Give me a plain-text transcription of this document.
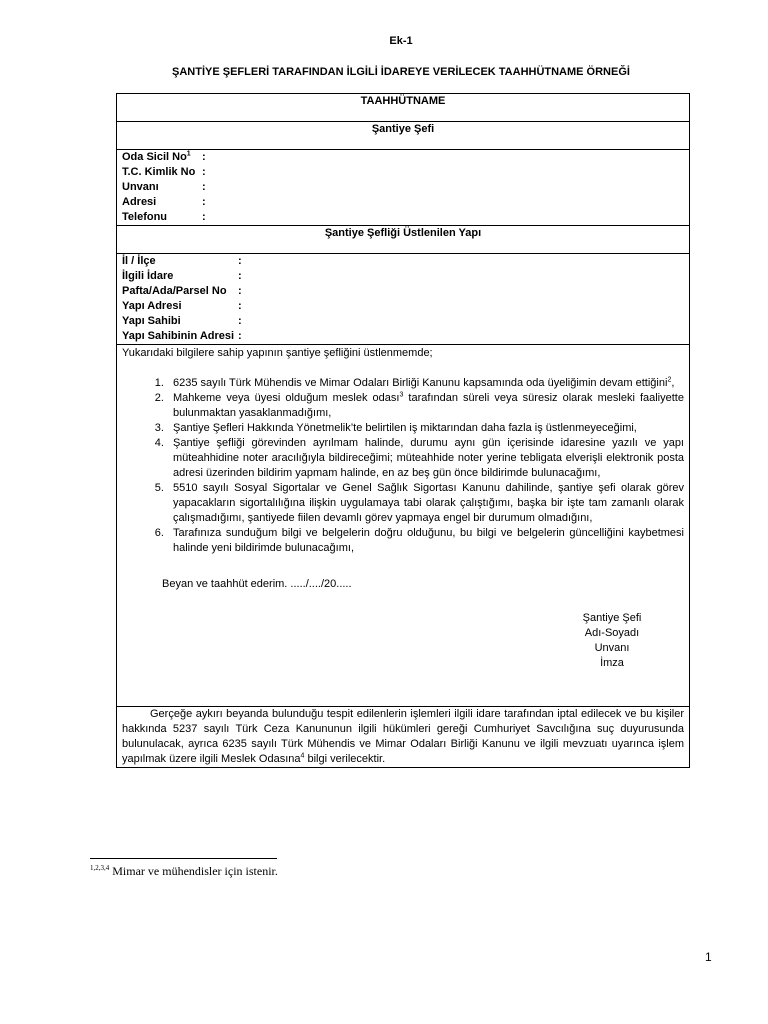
Ek-1
ŞANTİYE ŞEFLERİ TARAFINDAN İLGİLİ İDAREYE VERİLECEK TAAHHÜTNAME ÖRNEĞİ
TAAHHÜTNAME
Şantiye Şefi

Oda Sicil No$^1$	:
T.C. Kimlik No :
Unvanı	:
Adresi	:
Telefonu	:

Şantiye Şefliği Üstlenilen Yapı

İl / İlçe	:
İlgili İdare	:
Pafta/Ada/Parsel No	:
Yapı Adresi	:
Yapı Sahibi	:
Yapı Sahibinin Adresi :

Yukarıdaki bilgilere sahip yapının şantiye şefliğini üstlenmemde;
1. 6235 sayılı Türk Mühendis ve Mimar Odaları Birliği Kanunu kapsamında oda üyeliğimin devam ettiğini$^2$,
2. Mahkeme veya üyesi olduğum meslek odası$^3$ tarafından süreli veya süresiz olarak mesleki faaliyette bulunmaktan yasaklanmadığımı,
3. Şantiye Şefleri Hakkında Yönetmelik’te belirtilen iş miktarından daha fazla iş üstlenmeyeceğimi,
4. Şantiye şefliği görevinden ayrılmam halinde, durumu aynı gün içerisinde idaresine yazılı ve yapı müteahhidine noter aracılığıyla bildireceğimi; müteahhide noter yerine tebligata elverişli elektronik posta adresi üzerinden bildirim yapmam halinde, en az beş gün önce bildirimde bulunacağımı,
5. 5510 sayılı Sosyal Sigortalar ve Genel Sağlık Sigortası Kanunu dahilinde, şantiye şefi olarak görev yapacakların sigortalılığına ilişkin uygulamaya tabi olarak çalıştığımı, başka bir işte tam zamanlı olarak çalışmadığımı, şantiyede fiilen devamlı görev yapmaya engel bir durumum olmadığını,
6. Tarafınıza sunduğum bilgi ve belgelerin doğru olduğunu, bu bilgi ve belgelerin güncelliğini kaybetmesi halinde yeni bildirimde bulunacağımı,
Beyan ve taahhüt ederim. ...../..../20.....
Şantiye Şefi
Adı-Soyadı
Unvanı
İmza

Gerçeğe aykırı beyanda bulunduğu tespit edilenlerin işlemleri ilgili idare tarafından iptal edilecek ve bu kişiler hakkında 5237 sayılı Türk Ceza Kanununun ilgili hükümleri gereği Cumhuriyet Savcılığına suç duyurusunda bulunulacak, ayrıca 6235 sayılı Türk Mühendis ve Mimar Odaları Birliği Kanunu ve ilgili mevzuatı uyarınca işlem yapılmak üzere ilgili Meslek Odasına$^4$ bilgi verilecektir.
$^{1,2,3,4}$ Mimar ve mühendisler için istenir.
1
